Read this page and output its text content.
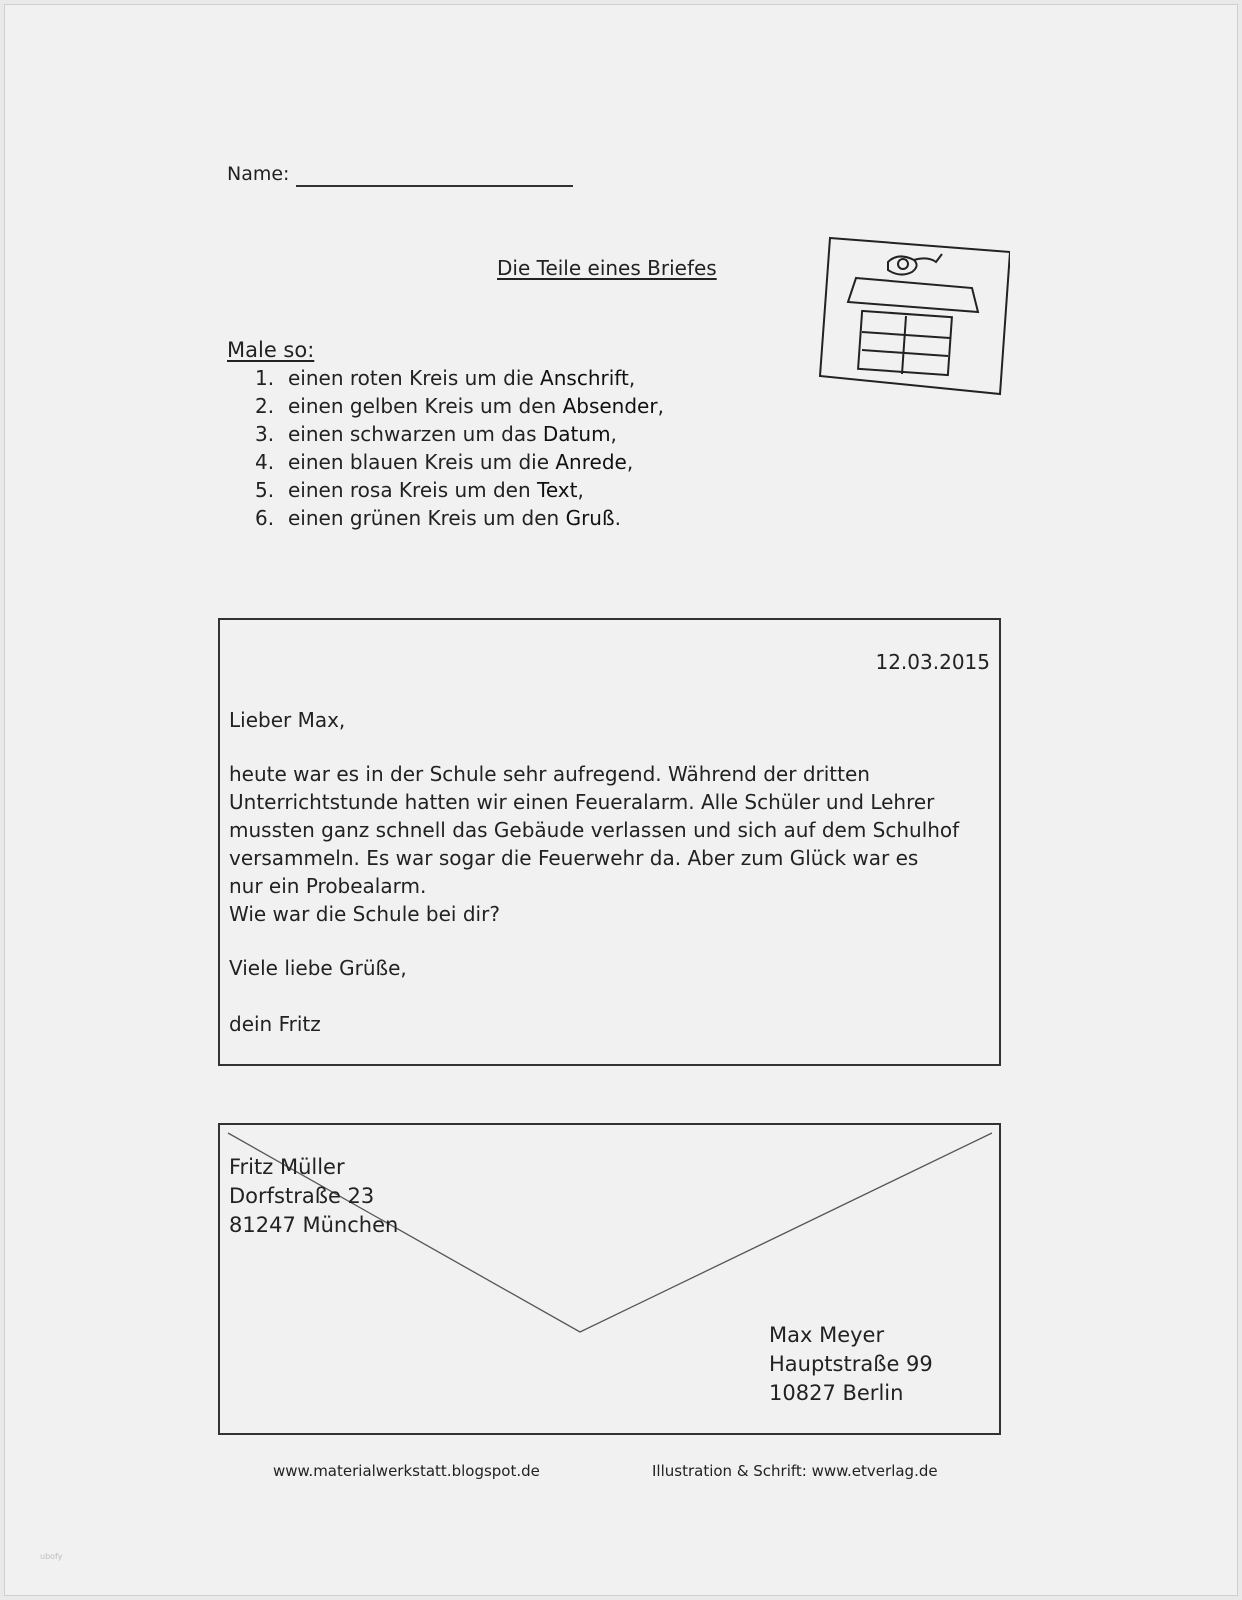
Name:
Die Teile eines Briefes
Male so:
1. einen roten Kreis um die Anschrift,
2. einen gelben Kreis um den Absender,
3. einen schwarzen um das Datum,
4. einen blauen Kreis um die Anrede,
5. einen rosa Kreis um den Text,
6. einen grünen Kreis um den Gruß.
12.03.2015
Lieber Max,
heute war es in der Schule sehr aufregend. Während der dritten
Unterrichtstunde hatten wir einen Feueralarm. Alle Schüler und Lehrer
mussten ganz schnell das Gebäude verlassen und sich auf dem Schulhof
versammeln. Es war sogar die Feuerwehr da. Aber zum Glück war es
nur ein Probealarm.
Wie war die Schule bei dir?
Viele liebe Grüße,
dein Fritz
Fritz Müller
Dorfstraße 23
81247 München
Max Meyer
Hauptstraße 99
10827 Berlin
www.materialwerkstatt.blogspot.de	Illustration & Schrift: www.etverlag.de
ubofy
